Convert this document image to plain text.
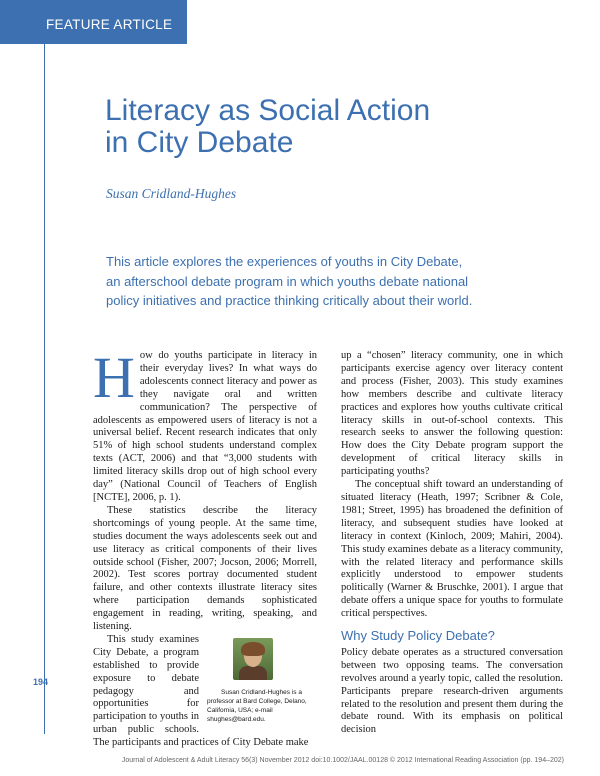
FEATURE ARTICLE
Literacy as Social Action
in City Debate
Susan Cridland-Hughes
This article explores the experiences of youths in City Debate,
an afterschool debate program in which youths debate national
policy initiatives and practice thinking critically about their world.

H ow do youths participate in literacy in their everyday lives? In what ways do adolescents connect literacy and power as they navigate oral and written communication? The perspective of adolescents as empowered users of literacy is not a universal belief. Recent research indicates that only 51% of high school students understand complex texts (ACT, 2006) and that “3,000 students with limited literacy skills drop out of high school every day” (National Council of Teachers of English [NCTE], 2006, p. 1).

These statistics describe the literacy shortcomings of young people. At the same time, studies document the ways adolescents seek out and use literacy as critical components of their lives outside school (Fisher, 2007; Jocson, 2006; Morrell, 2002). Test scores portray documented student failure, and other contexts illustrate literacy sites where participation demands sophisticated engagement in reading, writing, speaking, and listening.

Susan Cridland-Hughes is a professor at Bard College, Delano, California, USA; e-mail shughes@bard.edu.
This study examines City Debate, a program established to provide exposure to debate pedagogy and opportunities for participation to youths in urban public schools. The participants and practices of City Debate make

up a “chosen” literacy community, one in which participants exercise agency over literacy content and process (Fisher, 2003). This study examines how members describe and cultivate literacy practices and explores how youths cultivate critical literacy skills in out-of-school contexts. This research seeks to answer the following question: How does the City Debate program support the development of critical literacy skills in participating youths?

The conceptual shift toward an understanding of situated literacy (Heath, 1997; Scribner & Cole, 1981; Street, 1995) has broadened the definition of literacy, and subsequent studies have looked at literacy in context (Kinloch, 2009; Mahiri, 2004). This study examines debate as a literacy community, with the related literacy and performance skills explicitly understood to empower students politically (Warner & Bruschke, 2001). I argue that debate offers a unique space for youths to formulate critical perspectives.

Why Study Policy Debate?

Policy debate operates as a structured conversation between two opposing teams. The conversation revolves around a yearly topic, called the resolution. Participants prepare research-driven arguments related to the resolution and present them during the debate round. With its emphasis on political decision

194
Journal of Adolescent & Adult Literacy 56(3) November 2012 doi:10.1002/JAAL.00128 © 2012 International Reading Association (pp. 194–202)
